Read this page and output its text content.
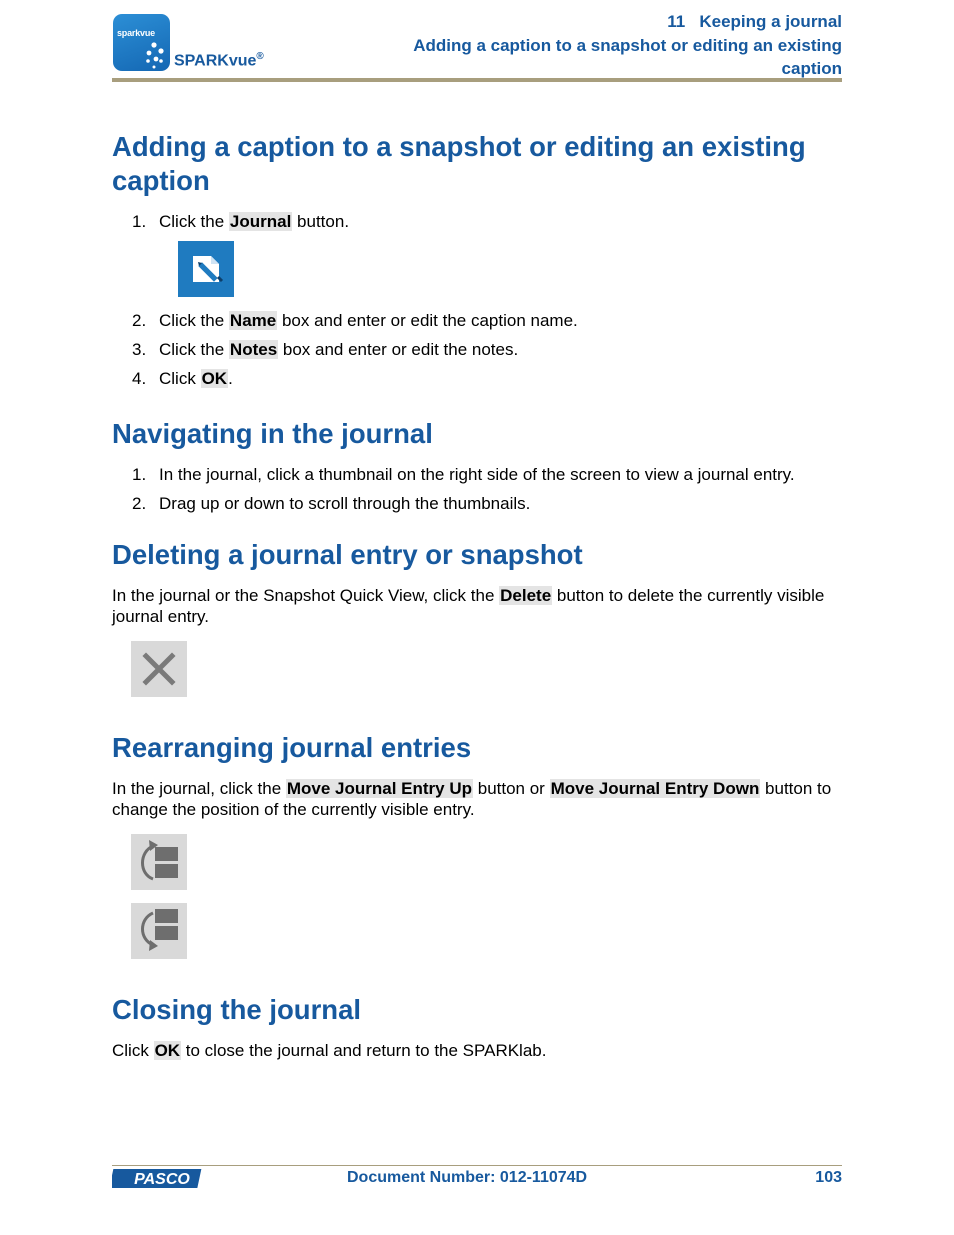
sparkvue
SPARKvue®
11   Keeping a journal
Adding a caption to a snapshot or editing an existing
caption
Adding a caption to a snapshot or editing an existing caption
1. Click the Journal button.
2. Click the Name box and enter or edit the caption name.
3. Click the Notes box and enter or edit the notes.
4. Click OK.
Navigating in the journal
1. In the journal, click a thumbnail on the right side of the screen to view a journal entry.
2. Drag up or down to scroll through the thumbnails.
Deleting a journal entry or snapshot

In the journal or the Snapshot Quick View, click the Delete button to delete the currently visible journal entry.

Rearranging journal entries

In the journal, click the Move Journal Entry Up button or Move Journal Entry Down button to change the position of the currently visible entry.

Closing the journal

Click OK to close the journal and return to the SPARKlab.

PASCO	Document Number: 012-11074D	103
